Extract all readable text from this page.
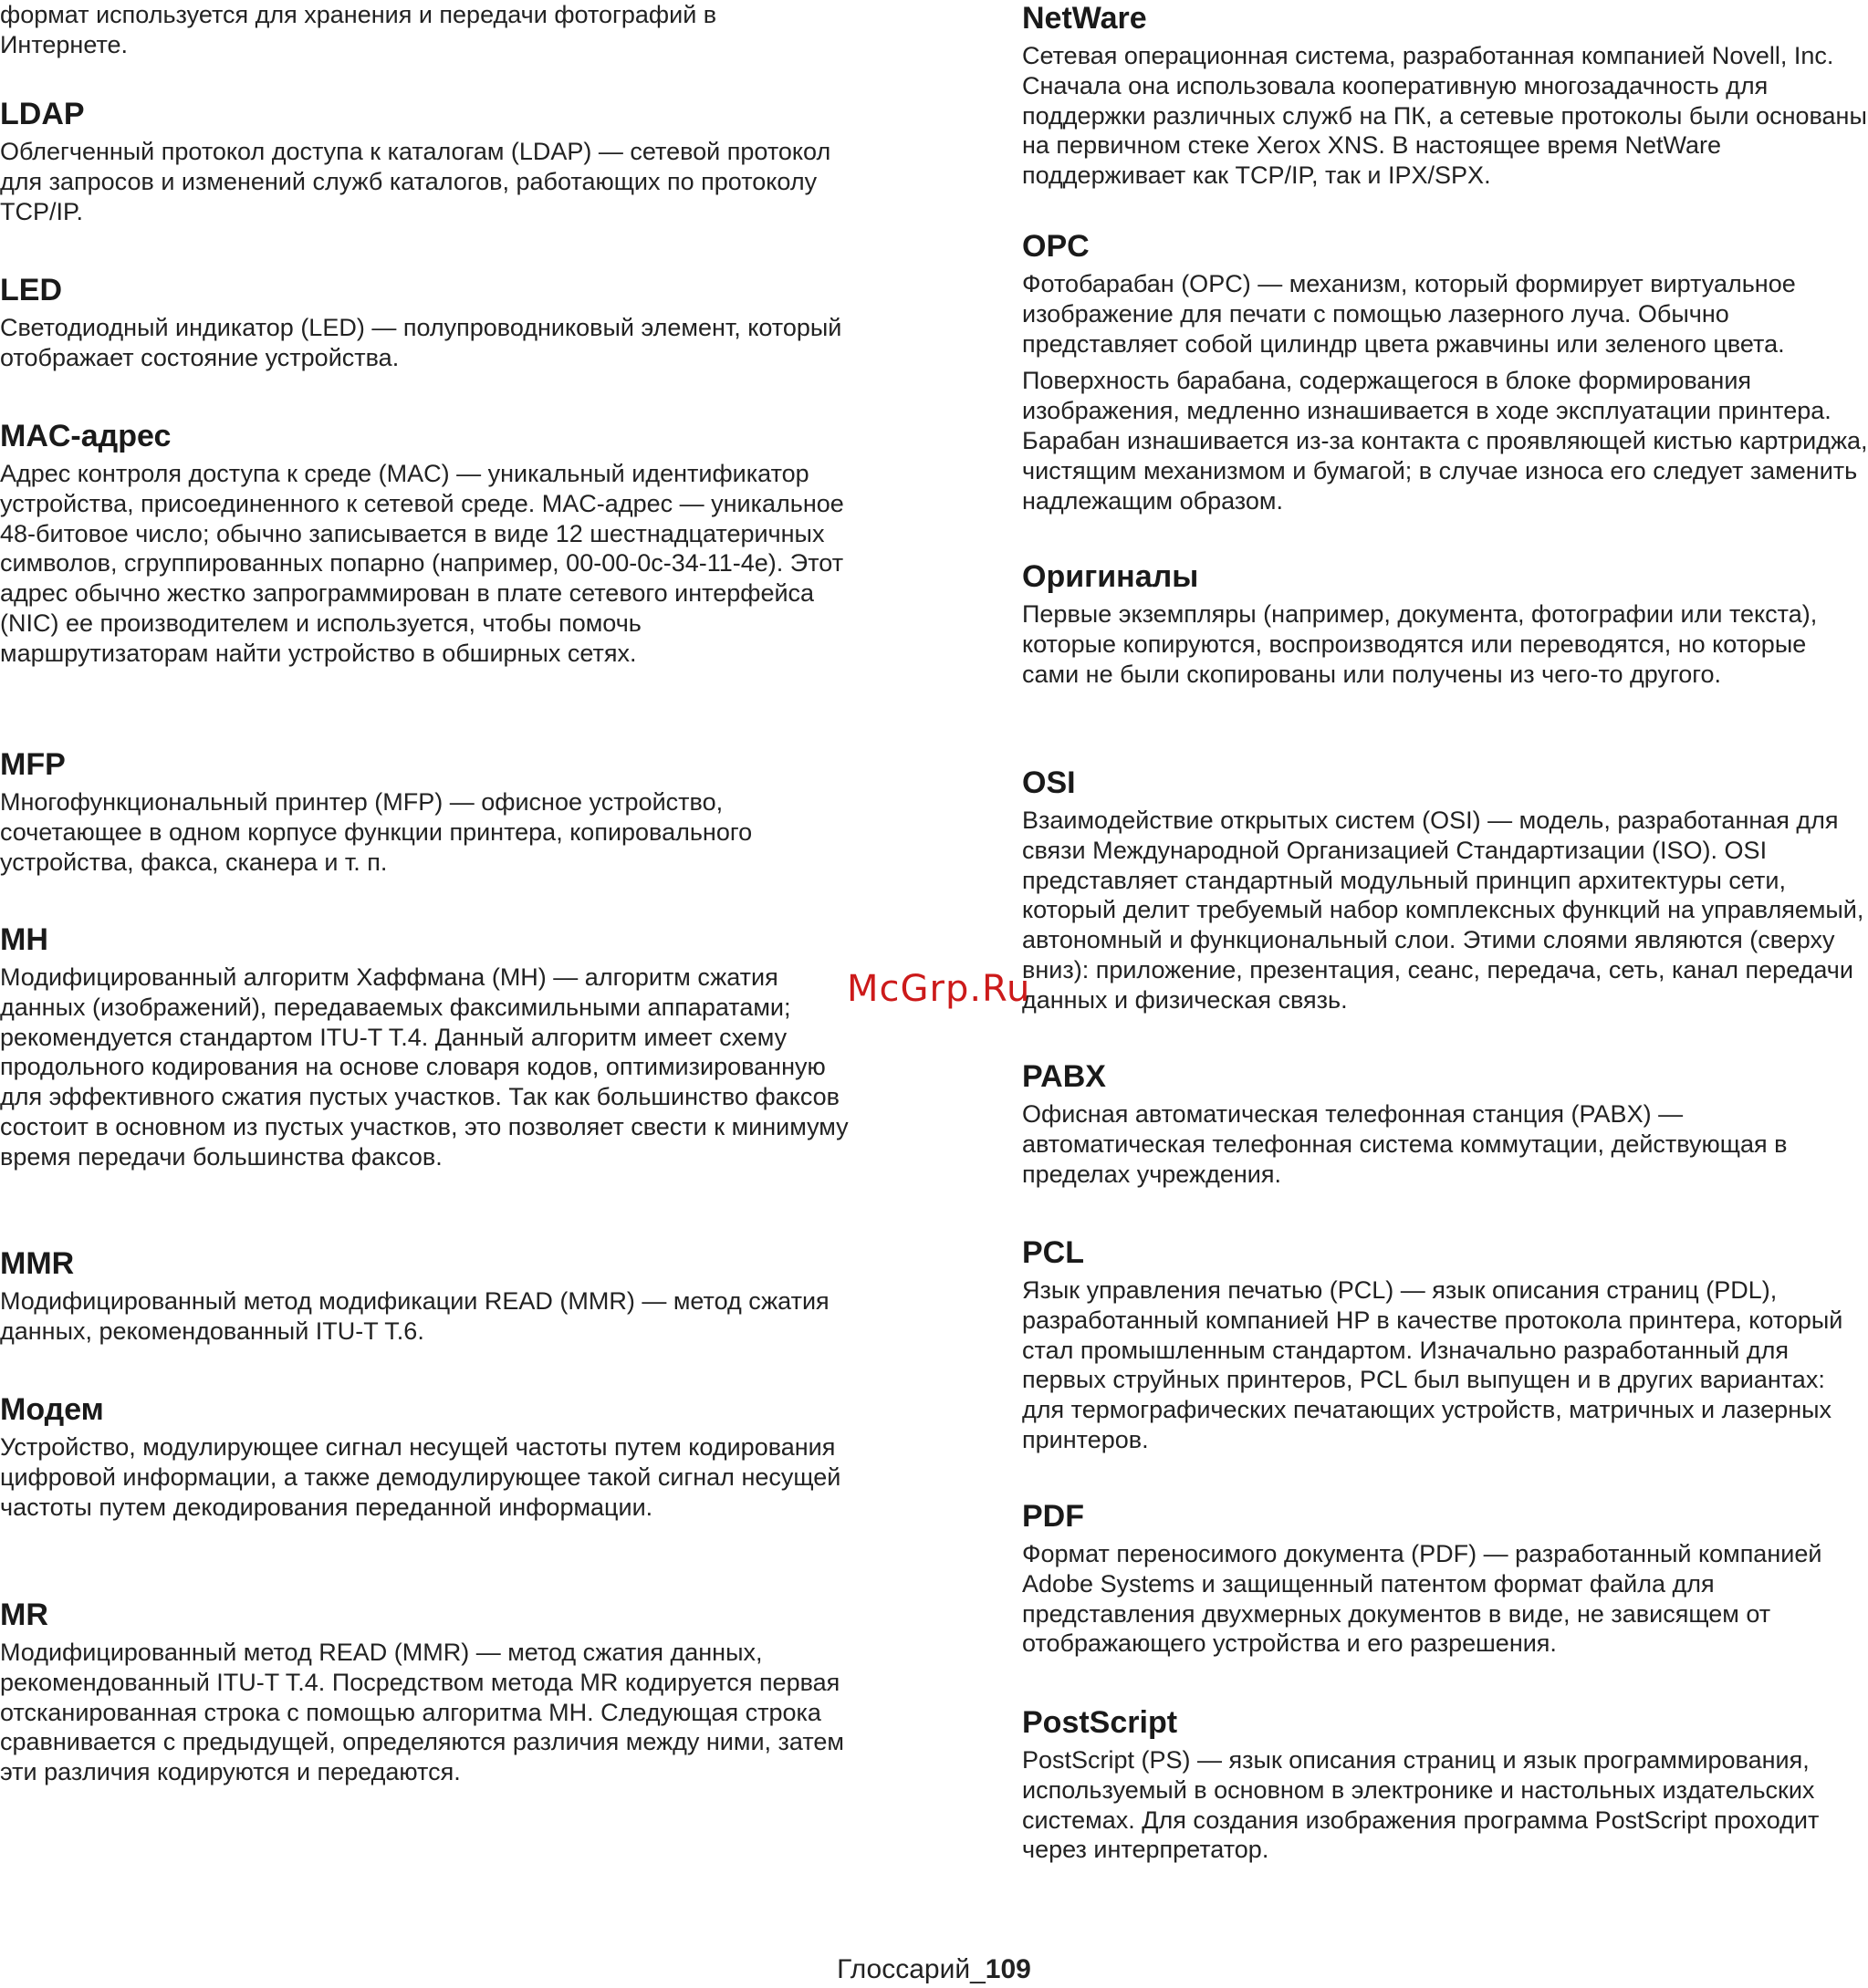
формат используется для хранения и передачи фотографий в Интернете.

LDAP

Облегченный протокол доступа к каталогам (LDAP) — сетевой протокол для запросов и изменений служб каталогов, работающих по протоколу TCP/IP.

LED

Светодиодный индикатор (LED) — полупроводниковый элемент, который отображает состояние устройства.

MAC-адрес

Адрес контроля доступа к среде (MAC) — уникальный идентификатор устройства, присоединенного к сетевой среде. MAC-адрес — уникальное 48-битовое число; обычно записывается в виде 12 шестнадцатеричных символов, сгруппированных попарно (например, 00-00-0c-34-11-4e). Этот адрес обычно жестко запрограммирован в плате сетевого интерфейса (NIC) ее производителем и используется, чтобы помочь маршрутизаторам найти устройство в обширных сетях.

MFP

Многофункциональный принтер (MFP) — офисное устройство, сочетающее в одном корпусе функции принтера, копировального устройства, факса, сканера и т. п.

MH

Модифицированный алгоритм Хаффмана (MH) — алгоритм сжатия данных (изображений), передаваемых факсимильными аппаратами; рекомендуется стандартом ITU-T T.4. Данный алгоритм имеет схему продольного кодирования на основе словаря кодов, оптимизированную для эффективного сжатия пустых участков. Так как большинство факсов состоит в основном из пустых участков, это позволяет свести к минимуму время передачи большинства факсов.

MMR

Модифицированный метод модификации READ (MMR) — метод сжатия данных, рекомендованный ITU-T T.6.

Модем

Устройство, модулирующее сигнал несущей частоты путем кодирования цифровой информации, а также демодулирующее такой сигнал несущей частоты путем декодирования переданной информации.

MR

Модифицированный метод READ (MMR) — метод сжатия данных, рекомендованный ITU-T T.4. Посредством метода MR кодируется первая отсканированная строка с помощью алгоритма MH. Следующая строка сравнивается с предыдущей, определяются различия между ними, затем эти различия кодируются и передаются.

NetWare

Сетевая операционная система, разработанная компанией Novell, Inc. Сначала она использовала кооперативную многозадачность для поддержки различных служб на ПК, а сетевые протоколы были основаны на первичном стеке Xerox XNS. В настоящее время NetWare поддерживает как TCP/IP, так и IPX/SPX.

OPC

Фотобарабан (OPC) — механизм, который формирует виртуальное изображение для печати с помощью лазерного луча. Обычно представляет собой цилиндр цвета ржавчины или зеленого цвета.

Поверхность барабана, содержащегося в блоке формирования изображения, медленно изнашивается в ходе эксплуатации принтера. Барабан изнашивается из-за контакта с проявляющей кистью картриджа, чистящим механизмом и бумагой; в случае износа его следует заменить надлежащим образом.

Оригиналы

Первые экземпляры (например, документа, фотографии или текста), которые копируются, воспроизводятся или переводятся, но которые сами не были скопированы или получены из чего-то другого.

OSI

Взаимодействие открытых систем (OSI) — модель, разработанная для связи Международной Организацией Стандартизации (ISO). OSI представляет стандартный модульный принцип архитектуры сети, который делит требуемый набор комплексных функций на управляемый, автономный и функциональный слои. Этими слоями являются (сверху вниз): приложение, презентация, сеанс, передача, сеть, канал передачи данных и физическая связь.

PABX

Офисная автоматическая телефонная станция (PABX) — автоматическая телефонная система коммутации, действующая в пределах учреждения.

PCL

Язык управления печатью (PCL) — язык описания страниц (PDL), разработанный компанией HP в качестве протокола принтера, который стал промышленным стандартом. Изначально разработанный для первых струйных принтеров, PCL был выпущен и в других вариантах: для термографических печатающих устройств, матричных и лазерных принтеров.

PDF

Формат переносимого документа (PDF) — разработанный компанией Adobe Systems и защищенный патентом формат файла для представления двухмерных документов в виде, не зависящем от отображающего устройства и его разрешения.

PostScript

PostScript (PS) — язык описания страниц и язык программирования, используемый в основном в электронике и настольных издательских системах. Для создания изображения программа PostScript проходит через интерпретатор.

McGrp.Ru
Глоссарий_109
